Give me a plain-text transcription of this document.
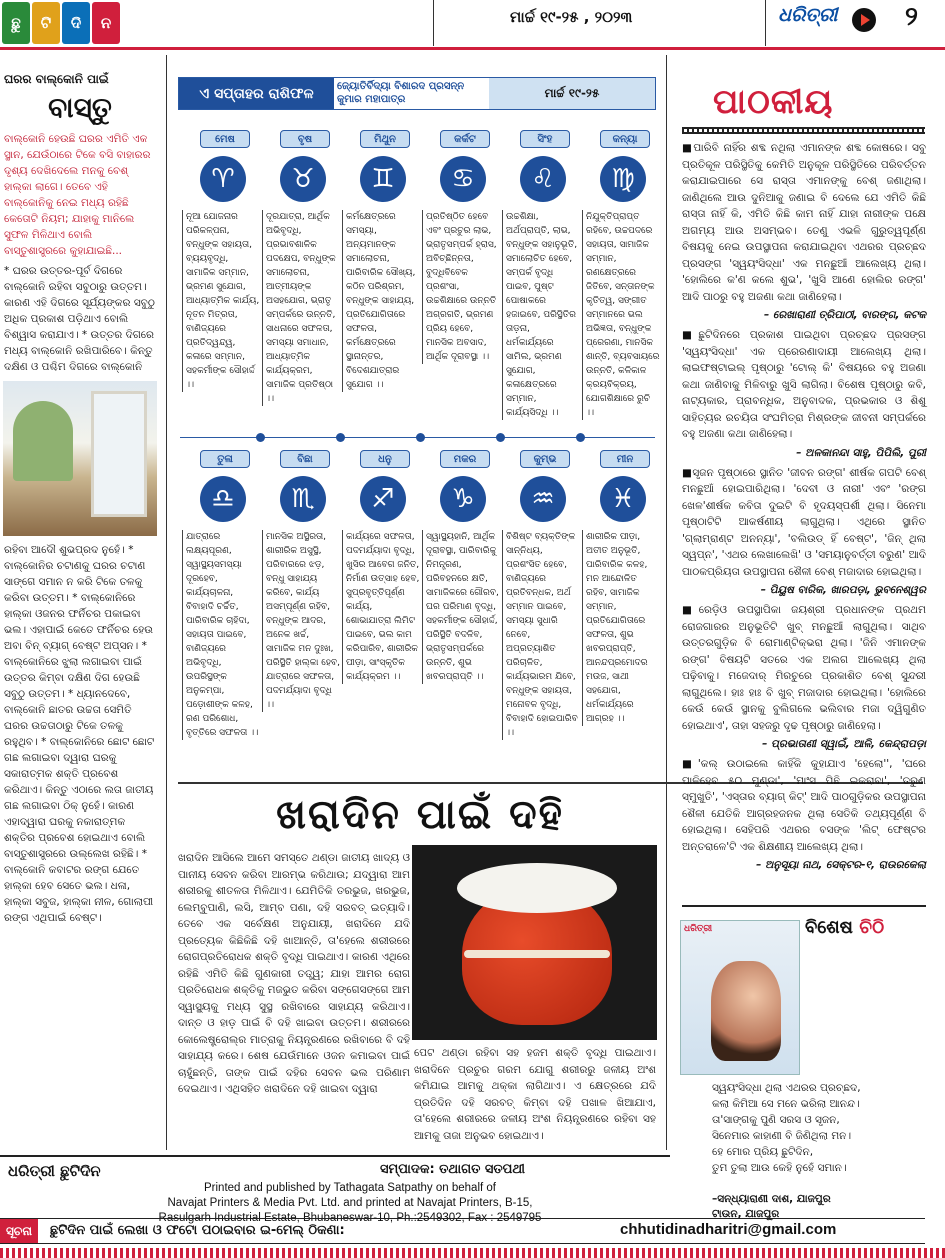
ଛୁ	ଟି	ଦି	ନ	ମାର୍ଚ୍ଚ ୧୯-୨୫ , ୨୦୨୩	ଧରିତ୍ରୀ	୨
ଘରର ବାଲ୍‌କୋନି ପାଇଁ
ବାସ୍ତୁ
ବାଲ୍‌କୋନି ହେଉଛି ଘରର ଏମିତି ଏକ ସ୍ଥାନ, ଯେଉଁଠାରେ ଟିକେ ବସି ବାହାରର ଦୃଶ୍ୟ ଦେଖିଦେଲେ ମନକୁ ବେଶ୍ ହାଲ୍‌କା ଲାଗେ। ତେବେ ଏହି ବାଲ୍‌କୋନିକୁ ନେଇ ମଧ୍ୟ ରହିଛି କେତୋଟି ନିୟମ; ଯାହାକୁ ମାନିଲେ ସୁଫଳ ମିଳିଥାଏ ବୋଲି ବାସ୍ତୁଶାସ୍ତ୍ରରେ କୁହାଯାଇଛି...
* ଘରର ଉତ୍ତର-ପୂର୍ବ ଦିଗରେ ବାଲ୍‌କୋନି ରହିବା ସବୁଠାରୁ ଉତ୍ତମ। କାରଣ ଏହି ଦିଗରେ ସୂର୍ଯ୍ୟଙ୍କର ସବୁଠୁ ଅଧିକ ପ୍ରକାଶ ପଡ଼ିଥାଏ ବୋଲି ବିଶ୍ୱାସ କରାଯାଏ। * ଉତ୍ତର ଦିଗରେ ମଧ୍ୟ ବାଲ୍‌କୋନି ରଖିପାରିବେ। କିନ୍ତୁ ଦକ୍ଷିଣ ଓ ପଶ୍ଚିମ ଦିଗରେ ବାଲ୍‌କୋନି
ରହିବା ଆଦୌ ଶୁଭପ୍ରଦ ନୁହେଁ। * ବାଲ୍‌କୋନିର ଚଟାଣକୁ ଘରର ଚଟାଣ ସାଙ୍ଗେ ସମାନ ନ କରି ଟିକେ ତଳକୁ କରିବା ଉତ୍ତମ। * ବାଲ୍‌କୋନିରେ ହାଲ୍‌କା ଓଜନର ଫର୍ନିଚର ପକାଇବା ଭଲ। ଏହାପାଇଁ କେତେ ଫର୍ନିଚର ହେଉ ଅବା ବିନ୍ ବ୍ୟାଗ୍ ବେଷ୍ଟ ଅପ୍ସନ। * ବାଲ୍‌କୋନିରେ ଝୁଲା ଲଗାଇବା ପାଇଁ ଉତ୍ତର କିମ୍ବା ଦକ୍ଷିଣ ଦିଗ ହେଉଛି ସବୁଠୁ ଉତ୍ତମ। * ଧ୍ୟାନଦେବେ, ବାଲ୍‌କୋନି ଛାତର ଉଚ୍ଚତା ସେମିତି ଘରର ଉଚ୍ଚତାଠାରୁ ଟିକେ ତଳକୁ ରହୁଥିବ। * ବାଲ୍‌କୋନିରେ ଛୋଟ ଛୋଟ ଗଛ ଲଗାଇବା ଦ୍ୱାରା ଘରକୁ ସକାରାତ୍ମକ ଶକ୍ତି ପ୍ରବେଶ କରିଥାଏ। କିନ୍ତୁ ଏଠାରେ ଲତା ଜାତୀୟ ଗଛ ଲଗାଇବା ଠିକ୍ ନୁହେଁ। କାରଣ ଏହାଦ୍ୱାରା ଘରକୁ ନକାରାତ୍ମକ ଶକ୍ତିର ପ୍ରବେଶ ହୋଇଥାଏ ବୋଲି ବାସ୍ତୁଶାସ୍ତ୍ରରେ ଉଲ୍ଲେଖ ରହିଛି। * ବାଲ୍‌କୋନି କବାଟର ରଙ୍ଗ ଯେତେ ହାଲ୍‌କା ହେବ ସେତେ ଭଲ। ଧଳା, ହାଲ୍‌କା ସବୁଜ, ହାଲ୍‌କା ନୀଳ, ଗୋଲାପୀ ରଙ୍ଗ ଏଥିପାଇଁ ବେଷ୍ଟ।
ଏ ସପ୍ତାହର ରାଶିଫଳ	ଜ୍ୟୋତିର୍ବିଦ୍ୟା ବିଶାରଦ ପ୍ରସନ୍ନ କୁମାର ମହାପାତ୍ର	ମାର୍ଚ୍ଚ ୧୯-୨୫
ମେଷ
♈
ନୂଆ ଯୋଜନାର ପରିକଳ୍ପନା, ବନ୍ଧୁଙ୍କ ସହାୟତା, ବ୍ୟୟବୃଦ୍ଧି, ସାମାଜିକ ସମ୍ମାନ, ଭ୍ରମଣ ସୁଯୋଗ, ଆଧ୍ୟାତ୍ମିକ କାର୍ଯ୍ୟ, ନୂତନ ମିତ୍ରତା, ବାଣିଜ୍ୟରେ ପ୍ରତିଦ୍ୱନ୍ଦ୍ୱ, କଳାରେ ସମ୍ମାନ, ସହକର୍ମୀଙ୍କ ସୌହାର୍ଦ୍ଦ ।।
ବୃଷ
♉
ଦୂରଯାତ୍ରା, ଆର୍ଥିକ ଅଭିବୃଦ୍ଧି, ପ୍ରଭାବଶାଳିକ ପଦକ୍ଷେପ, ବନ୍ଧୁଙ୍କ ସମାଲୋଚନା, ଆତ୍ମୀୟଙ୍କ ଅସହଯୋଗ, ଭ୍ରାତୃ ସମ୍ପର୍କରେ ଉନ୍ନତି, ସାଧନାରେ ସଫଳତା, ସମସ୍ୟା ସମାଧାନ, ଆଧ୍ୟାତ୍ମିକ କାର୍ଯ୍ୟକ୍ରମ, ସାମାଜିକ ପ୍ରତିଷ୍ଠା ।।
ମିଥୁନ
♊
କର୍ମକ୍ଷେତ୍ରରେ ସମସ୍ୟା, ଅନ୍ୟମାନଙ୍କ ସମାଲୋଚନା, ପାରିବାରିକ ସୌଖ୍ୟ, କଠିନ ପରିଶ୍ରମ, ବନ୍ଧୁଙ୍କ ସାହାଯ୍ୟ, ପ୍ରତିଯୋଗିତାରେ ସଫଳତା, କର୍ମକ୍ଷେତ୍ରରେ ସ୍ଥାନାନ୍ତର, ବିଦେଶଯାତ୍ରାର ସୁଯୋଗ ।।
କର୍କଟ
♋
ପ୍ରତିଷ୍ଠିତ ହେବେ ଏବଂ ପ୍ରଚୁର ଲାଭ, ଭ୍ରାତୃସମ୍ପର୍କ ହ୍ରାସ, ଅବିଚ୍ଛିନ୍ନତା, ବୁଦ୍ଧିବିବେକ ପ୍ରଶଂସା, ଉଚ୍ଚଶିକ୍ଷାରେ ଉନ୍ନତି ଅଗ୍ରଗତି, ଭ୍ରମଣ ପ୍ରିୟ ହେବେ, ମାନସିକ ଅବସାଦ, ଆର୍ଥିକ ଦୂରାବସ୍ଥା ।।
ସିଂହ
♌
ଉଚ୍ଚଶିକ୍ଷା, ଅର୍ଥପ୍ରାପ୍ତି, ଲାଭ, ବନ୍ଧୁଙ୍କ ସହାନୁଭୂତି, ସମାଲୋଚିତ ହେବେ, ସମ୍ପର୍କ ବୃଦ୍ଧି ପାଇବ, ପୁଷ୍ଟ ପୋଷାକରେ ହଜାଇବେ, ପରିସ୍ଥିତିର ତାଡ଼ନା, ଧର୍ମକାର୍ଯ୍ୟରେ ସାମିଲ, ଭ୍ରମଣ ସୁଯୋଗ, କଳାକ୍ଷେତ୍ରରେ ସମ୍ମାନ, କାର୍ଯ୍ୟସିଦ୍ଧି ।।
କନ୍ୟା
♍
ନିଯୁକ୍ତିପ୍ରାପ୍ତ ରହିବେ, ଉଚ୍ଚପଦରେ ସହାୟତା, ସାମାଜିକ ସମ୍ମାନ, ରଣକ୍ଷେତ୍ରରେ ଜିତିବେ, ସନ୍ତାନଙ୍କ କୃତିତ୍ୱ, ସଙ୍ଗୀତ ସମ୍ମାନରେ ଭଲ ଅଭିଜ୍ଞତା, ବନ୍ଧୁଙ୍କ ପ୍ରେରଣା, ମାନସିକ ଶାନ୍ତି, ବ୍ୟବସାୟରେ ଉନ୍ନତି, କଳିକାଳ କ୍ରୟବିକ୍ରୟ, ଯୋଗଶିକ୍ଷାରେ ରୁଚି ।।
ତୁଳା
♎
ଯାତ୍ରାରେ ଲକ୍ଷ୍ୟପୂରଣ, ସ୍ୱାସ୍ଥ୍ୟସମସ୍ୟା ଦୂରହେବ, କାର୍ଯ୍ୟଚାଳନା, ବିବାହାଦି ଚର୍ଚ୍ଚିତ, ପାରିବାରିକ ଚାହିଦା, ସହାୟତା ପାଇବେ, ବାଣିଜ୍ୟରେ ଅଭିବୃଦ୍ଧି, ଉପରିସ୍ଥଙ୍କ ଅନୁକମ୍ପା, ପଡ଼ୋଶୀଙ୍କ କଳହ, ରଣ ପରିଶୋଧ, ବୃତ୍ତିରେ ସଫଳତା ।।
ବିଛା
♏
ମାନସିକ ଅସ୍ଥିରତା, ଶାରୀରିକ ଅସୁସ୍ଥି, ପରିବାରରେ ଝଡ଼, ବନ୍ଧୁ ସାହାଯ୍ୟ କରିବେ, କାର୍ଯ୍ୟ ଅସମ୍ପୂର୍ଣ୍ଣ ରହିବ, ବନ୍ଧୁଙ୍କ ଆଦର, ଅନେକ ଖର୍ଚ୍ଚ, ସାମାଜିକ ମନ ଦୁଃଖ, ପରିସ୍ଥିତି ହାଲ୍‌କା ହେବ, ଯାତ୍ରାରେ ସଫଳତା, ପଦମର୍ଯ୍ୟାଦା ବୃଦ୍ଧି ।।
ଧନୁ
♐
କାର୍ଯ୍ୟରେ ସଫଳତା, ପଦମର୍ଯ୍ୟାଦା ବୃଦ୍ଧି, ଖୁସିର ଆବେଗ ଜନିତ, ନିର୍ମାଣ ଉତ୍ସାହ ହେବ, ସୁପ୍ରବୃତ୍ତିପୂର୍ଣ୍ଣ କାର୍ଯ୍ୟ, ଶୋଭାଯାତ୍ରା ଲିମିଟ ପାଇବେ, ଭଲ କାମ କରିପାରିବ, ଶାରୀରିକ ପୀଡ଼ା, ସାଂସ୍କୃତିକ କାର୍ଯ୍ୟକ୍ରମ ।।
ମକର
♑
ସ୍ୱାସ୍ଥ୍ୟହାନି, ଆର୍ଥିକ ଦୂରାବସ୍ଥା, ପାରିବାରିକୁ ନିମନ୍ତ୍ରଣ, ପରିବହନରେ କ୍ଷତି, ସାମାଜିକରେ ଗୌରବ, ଘର ପରିମାଣ ବୃଦ୍ଧି, ସହକର୍ମୀଙ୍କ ସୌହାର୍ଦ୍ଦ, ପରିସ୍ଥିତି ବଦଳିବ, ଭ୍ରାତୃସମ୍ପର୍କରେ ଉନ୍ନତି, ଶୁଭ ଖବରପ୍ରାପ୍ତି ।।
କୁମ୍ଭ
♒
ବିଶିଷ୍ଟ ବ୍ୟକ୍ତିଙ୍କ ସାନ୍ନିଧ୍ୟ, ପ୍ରଶଂସିତ ହେବେ, ବାଣିଜ୍ୟରେ ପ୍ରତିବନ୍ଧକ, ଅର୍ଥ ସମ୍ମାନ ପାଇବେ, ସମସ୍ୟା ସୁଧାରି ନେବେ, ଅପ୍ରତ୍ୟାଶିତ ପରିଚାଳିତ, କାର୍ଯ୍ୟଭାରମ ଯିବେ, ବନ୍ଧୁଙ୍କ ସହାୟତା, ମନୋବଳ ବୃଦ୍ଧି, ବିବାହାଦି ହୋଇପାରିବ ।।
ମୀନ
♓
ଶାରୀରିକ ପୀଡ଼ା, ଅତୀତ ଅନୁଭୂତି, ପାରିବାରିକ କଳହ, ମନ ଆନ୍ଦୋଳିତ ରହିବ, ସାମାଜିକ ସମ୍ମାନ, ପ୍ରତିଯୋଗିତାରେ ସଫଳତା, ଶୁଭ ଖବରପ୍ରାପ୍ତି, ଆନନ୍ଦପ୍ରମୋଦର ମଉଜ, ସାଥୀ ସହଯୋଗ, ଧର୍ମକାର୍ଯ୍ୟରେ ଆଗ୍ରହ ।।
ଖରାଦିନ ପାଇଁ ଦହି
ଖରାଦିନ ଆସିଲେ ଆମେ ସମସ୍ତେ ଥଣ୍ଡା ଜାତୀୟ ଖାଦ୍ୟ ଓ ପାନୀୟ ସେବନ କରିବା ଆରମ୍ଭ କରିଥାଉ; ଯଦ୍ୱାରା ଆମ ଶରୀରକୁ ଶୀତଳତା ମିଳିଥାଏ। ଯେମିତିକି ତରଭୁଜ, ଖରଭୁଜ, ଲେମ୍ବୁପାଣି, ଲସି, ଆମ୍ବ ପଣା, ଦହି ସରବତ୍ ଇତ୍ୟାଦି। ତେବେ ଏକ ସର୍ବେକ୍ଷଣ ଅନୁଯାୟୀ, ଖରାଦିନେ ଯଦି ପ୍ରତ୍ୟେକ କିଛିକିଛି ଦହି ଖାଆନ୍ତି, ତା'ହେଲେ ଶରୀରରେ ରୋଗପ୍ରତିରୋଧକ ଶକ୍ତି ବୃଦ୍ଧି ପାଇଥାଏ। କାରଣ ଏଥିରେ ରହିଛି ଏମିତି କିଛି ଗୁଣକାରୀ ତତ୍ତ୍ୱ; ଯାହା ଆମର ରୋଗ ପ୍ରତିରୋଧକ ଶକ୍ତିକୁ ମଜଭୁତ କରିବା ସଙ୍ଗେସଙ୍ଗେ ଆମ ସ୍ୱାସ୍ଥ୍ୟକୁ ମଧ୍ୟ ସୁସ୍ଥ ରଖିବାରେ ସାହାଯ୍ୟ କରିଥାଏ। ଦାନ୍ତ ଓ ହାଡ଼ ପାଇଁ ବି ଦହି ଖାଇବା ଉତ୍ତମ। ଶରୀରରେ କୋଲେଷ୍ଟ୍ରୋଲ୍‌ର ମାତ୍ରାକୁ ନିୟନ୍ତ୍ରଣରେ ରଖିବାରେ ବି ଦହି ସାହାଯ୍ୟ କରେ। ଶେଷ ଯେଉଁମାନେ ଓଜନ କମାଇବା ପାଇଁ ଚାହୁଁଛନ୍ତି, ତାଙ୍କ ପାଇଁ ଦହିର ସେବନ ଭଲ ପରିଣାମ ଦେଇଥାଏ। ଏଥିସହିତ ଖରାଦିନେ ଦହି ଖାଇବା ଦ୍ୱାରା
ପେଟ ଥଣ୍ଡା ରହିବା ସହ ହଜମ ଶକ୍ତି ବୃଦ୍ଧି ପାଇଥାଏ। ଖରାଦିନେ ପ୍ରଚୁର ଗରମ ଯୋଗୁ ଶରୀରରୁ ଜଳୀୟ ଅଂଶ କମିଯାଇ ଆମକୁ ଥକ୍କା ଲାଗିଥାଏ। ଏ କ୍ଷେତ୍ରରେ ଯଦି ପ୍ରତିଦିନ ଦହି ସରବତ୍ କିମ୍ବା ଦହି ପଖାଳ ଖିଆଯାଏ, ତା'ହେଲେ ଶରୀରରେ ଜଳୀୟ ଅଂଶ ନିୟନ୍ତ୍ରଣରେ ରହିବା ସହ ଆମକୁ ତାଜା ଅନୁଭବ ହୋଇଥାଏ।
ପାଠକୀୟ
■ପାରିବି ନାହିଁର ଶବ୍ଦ ନଥିଲା ଏମାନଙ୍କ ଶବ୍ଦ କୋଷରେ। ସବୁ ପ୍ରତିକୂଳ ପରିସ୍ଥିତିକୁ କେମିତି ଅନୁକୂଳ ପରିସ୍ଥିତିରେ ପରିବର୍ତ୍ତନ କରାଯାଇପାରେ ସେ ରାସ୍ତା ଏମାନଙ୍କୁ ବେଶ୍ ଜଣାଥିଲା। ଜାଣିଥିଲେ ଆଉ ଦୁନିଆକୁ ଜଣାଇ ବି ଦେଲେ ଯେ ଏମିତି କିଛି ରାସ୍ତା ନାହିଁ କି, ଏମିତି କିଛି କାମ ନାହିଁ ଯାହା ନାରୀଙ୍କ ପକ୍ଷେ ଅଗମ୍ୟ ଆଉ ଅସମ୍ଭବ। ତେଣୁ ଏଭଳି ଗୁରୁତ୍ୱପୂର୍ଣ୍ଣ ବିଷୟକୁ ନେଇ ଉପସ୍ଥାପନା କରାଯାଇଥିବା ଏଥରର ପ୍ରଚ୍ଛଦ ପ୍ରସଙ୍ଗ 'ସ୍ୱୟଂସିଦ୍ଧା' ଏକ ମନଛୁଆଁ ଆଲେଖ୍ୟ ଥିଲା। 'ହୋଲିରେ କ'ଣ କଲେ ଶୁଭ', 'ଖୁସି ଆଣେ ହୋଲିର ରଙ୍ଗ' ଆଦି ପାଠରୁ ବହୁ ଅଜଣା କଥା ଜାଣିହେଲା।
– ରେଖାରାଣୀ ତ୍ରିପାଠୀ, ବାରଙ୍ଗ, କଟକ
■ଛୁଟିଦିନରେ ପ୍ରକାଶ ପାଇଥିବା ପ୍ରଚ୍ଛଦ ପ୍ରସଙ୍ଗ 'ସ୍ୱୟଂସିଦ୍ଧା' ଏକ ପ୍ରେରଣାଦାୟୀ ଆଲେଖ୍ୟ ଥିଲା। ଲାଇଫଷ୍ଟାଇଲ୍ ପୃଷ୍ଠାରୁ 'ଟୋଲ୍ କି' ବିଷୟରେ ବହୁ ଅଜଣା କଥା ଜାଣିବାକୁ ମିଳିବାରୁ ଖୁସି ଲାଗିଲା। ବିଶେଷ ପୃଷ୍ଠାରୁ କବି, ନାଟ୍ୟକାର, ପ୍ରାବନ୍ଧିକ, ଅନୁବାଦକ, ପ୍ରଭକାର ଓ ଶିଶୁ ସାହିତ୍ୟର ରଚୟିତା ସଂଘମିତ୍ରା ମିଶ୍ରଙ୍କ ଜୀବନୀ ସମ୍ପର୍କରେ ବହୁ ଅଜଣା କଥା ଜାଣିହେଲା।
– ଅଳକାନନ୍ଦା ସାହୁ, ପିପିଲି, ପୁରୀ
■ସୃଜନ ପୃଷ୍ଠାରେ ସ୍ଥାନିତ 'ଜୀବନ ରଙ୍ଗ' ଶୀର୍ଷକ ଗପଟି ବେଶ୍ ମନଛୁଆଁ ହୋଇପାରିଥିଲା। 'ଦେବୀ ଓ ନାରୀ' ଏବଂ 'ରଙ୍ଗ ଖେଳ'ଶୀର୍ଷକ କବିତା ଦୁଇଟି ବି ହୃଦୟସ୍ପର୍ଶୀ ଥିଲା। ସିନେମା ପୃଷ୍ଠାଟିଟି ଆକର୍ଷଣୀୟ ଲାଗୁଥିଲା। ଏଥିରେ ସ୍ଥାନିତ 'ଗ୍ଲାମ୍ରାଣ୍ଟ ଅନନ୍ୟା', 'ବଲିଉଡ୍ ହିଁ ବେଷ୍ଟ', 'ଜିନ୍ ଥିଲା ସ୍ୱପ୍ନ', 'ଏଥର ଲେଖାଲେଖି' ଓ 'ସମୟାନୁବର୍ତ୍ତୀ ବରୁଣ' ଆଦି ପାଠକପ୍ରିୟତା ଉପସ୍ଥାପନା ଶୈଳୀ ବେଶ୍ ମଜାଦାର ହୋଇଥିଲା।
– ପିୟୁଷ ବାରିକ, ଖାରପଡ଼ା, ଭୁବନେଶ୍ୱର
■ରେଡ଼ିଓ ଉପସ୍ଥାପିକା ଜୟଶ୍ରୀ ପ୍ରଧାନଙ୍କ ପ୍ରଥମ ରୋଜଗାରର ଅନୁଭୂତିଟି ଖୁବ୍ ମନଛୁଆଁ ଲାଗୁଥିଲା। ସାଥିବ ଉତ୍ତରଗୁଡ଼ିକ ବି ରୋମାଣ୍ଟିକ୍‌ଭରା ଥିଲା। 'ଜିନି ଏମାନଙ୍କ ରଙ୍ଗ' ବିଷୟଟି ସତରେ ଏକ ଅଲଗ ଆଲେଖ୍ୟ ଥିଲା ପଢ଼ିବାକୁ। ମଜେଦାର୍ ମିରଚୁରେ ପ୍ରକାଶିତ ବେଶ୍ ସୁନ୍ଦରୀ ଲାଗୁଥିଲେ। ହାଃ ହାଃ ବି ଖୁବ୍ ମଜାଦାର ହୋଇଥିଲା। 'ହୋଲିରେ କେଉଁ କେଉଁ ସ୍ଥାନକୁ ବୁଲିଗଲେ ଭଲିବାର ମଜା ଦ୍ୱିଗୁଣିତ ହୋଇଥାଏ', ତାହା ସହଜରୁ ଦୃଢ ପୃଷ୍ଠାରୁ ଜାଣିହେଲା।
– ପ୍ରଭାତାଣୀ ସ୍ୱାଇଁ, ଆଳି, କେନ୍ଦ୍ରାପଡ଼ା
■'କଲ୍ ଉଠାଇଲେ କାହିଁକି କୁହାଯାଏ 'ହେଲୋ'', 'ଘରେ ପାଳିହେବ ୫୦ ମୁଣ୍ଡା', 'ମାଂସ ପିଛି ଇକରାବା', 'ତରୁଣ ସ୍ମୁଖୁତି', 'ଏସ୍ତାର ବ୍ୟାଗ୍ କିଟ୍' ଆଦି ପାଠଗୁଡ଼ିକର ଉପସ୍ଥାପନା ଶୈଳୀ ଯେତିକି ଆଗ୍ରହଜନକ ଥିଲା ସେତିକି ତଥ୍ୟପୂର୍ଣ୍ଣ ବି ହୋଇଥିଲା। ସେହିପରି ଏଥରର ବସଙ୍କ 'ଲିଟ୍ ଫେଷ୍ଟର ଅନ୍ତରାଳେ'ଟି ଏକ ଶିକ୍ଷଣୀୟ ଆଲେଖ୍ୟ ଥିଲା।
– ଅନୁସୂୟା ନାଥ, ସେକ୍ଟର-୧, ରାଉରକେଲା
ଧରିତ୍ରୀ	ବିଶେଷ
ଚିଠି
ସ୍ୱୟଂସିଦ୍ଧା ଥିଲା ଏଥରର ପ୍ରଚ୍ଛଦ,
କଲା କିମିଆ ସେ ମନେ ଭରିଲା ଆନନ୍ଦ।
ତା'ସାଙ୍ଗକୁ ପୁଣି ସରସ ଓ ସୃଜନ,
ସିନେମାର କାହାଣୀ ବି ଜିଣିଥିଲା ମନ।
ହେ ମୋର ପ୍ରିୟ ଛୁଟିଦିନ,
ତୁମ ତୁଲା ଆଉ କେହି ନୁହେଁ ସମାନ।
–ସନ୍ଧ୍ୟାରାଣୀ ଦାଶ, ଯାଜପୁର
ଟାଉନ, ଯାଜପୁର
ଧରିତ୍ରୀ ଛୁଟିଦିନ	ସମ୍ପାଦକ: ତଥାଗତ ସତପଥୀ
Printed and published by Tathagata Satpathy on behalf of
Navajat Printers & Media Pvt. Ltd. and printed at Navajat Printers, B-15,
Rasulgarh Industrial Estate, Bhubaneswar-10, Ph.:2549302, Fax : 2549795
ସୂଚନା	ଛୁଟିଦିନ ପାଇଁ ଲେଖା ଓ ଫଟୋ ପଠାଇବାର ଇ-ମେଲ୍ ଠିକଣା:	chhutidinadharitri@gmail.com
